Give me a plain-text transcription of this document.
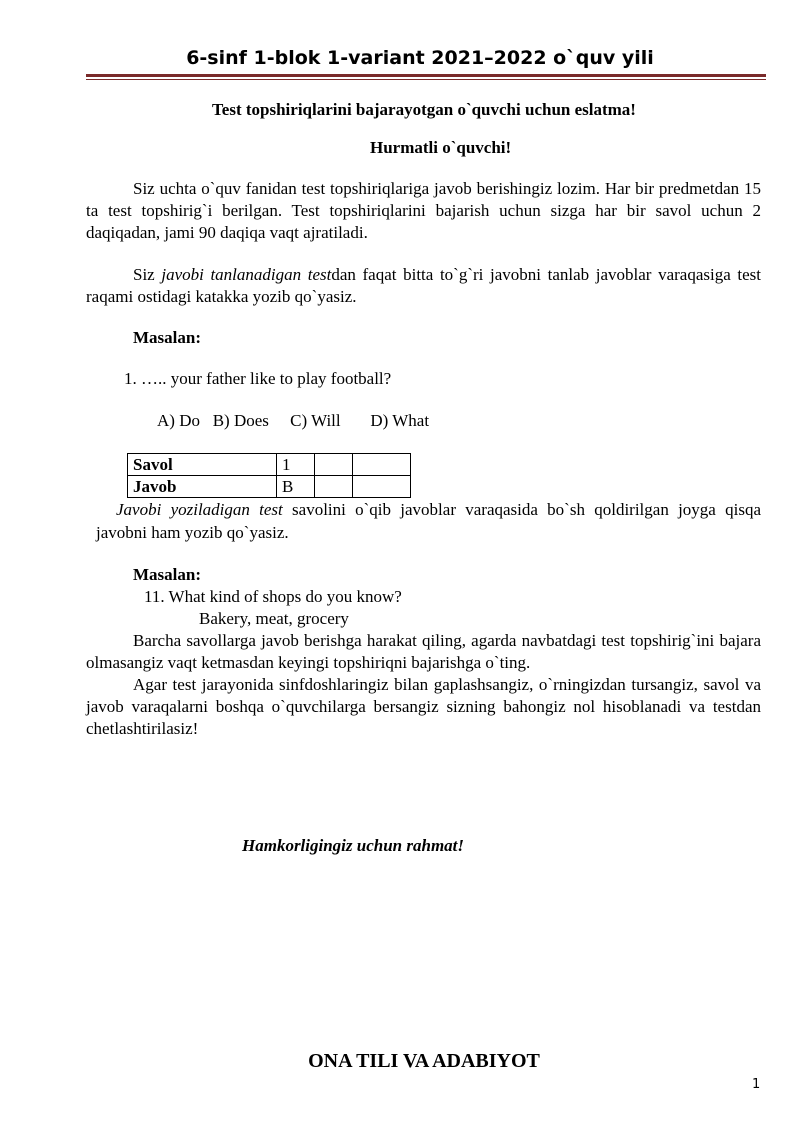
6-sinf 1-blok 1-variant 2021–2022 o`quv yili
Test topshiriqlarini bajarayotgan o`quvchi uchun eslatma!
Hurmatli o`quvchi!
Siz uchta o`quv fanidan test topshiriqlariga javob berishingiz lozim. Har bir predmetdan 15 ta test topshirig`i berilgan. Test topshiriqlarini bajarish uchun sizga har bir savol uchun 2 daqiqadan, jami 90 daqiqa vaqt ajratiladi.
Siz javobi tanlanadigan testdan faqat bitta to`g`ri javobni tanlab javoblar varaqasiga test raqami ostidagi katakka yozib qo`yasiz.
Masalan:
1. ….. your father like to play football?
A) Do   B) Does     C) Will       D) What
Savol	1		
Javob	B		
Javobi yoziladigan test savolini o`qib javoblar varaqasida bo`sh qoldirilgan joyga qisqa javobni ham yozib qo`yasiz.
Masalan:
11. What kind of shops do you know?
Bakery, meat, grocery
Barcha savollarga javob berishga harakat qiling, agarda navbatdagi test topshirig`ini bajara olmasangiz vaqt ketmasdan keyingi topshiriqni bajarishga o`ting.
Agar test jarayonida sinfdoshlaringiz bilan gaplashsangiz, o`rningizdan tursangiz, savol va javob varaqalarni boshqa o`quvchilarga bersangiz sizning bahongiz nol hisoblanadi va testdan chetlashtirilasiz!
Hamkorligingiz uchun rahmat!
ONA TILI VA ADABIYOT
1
